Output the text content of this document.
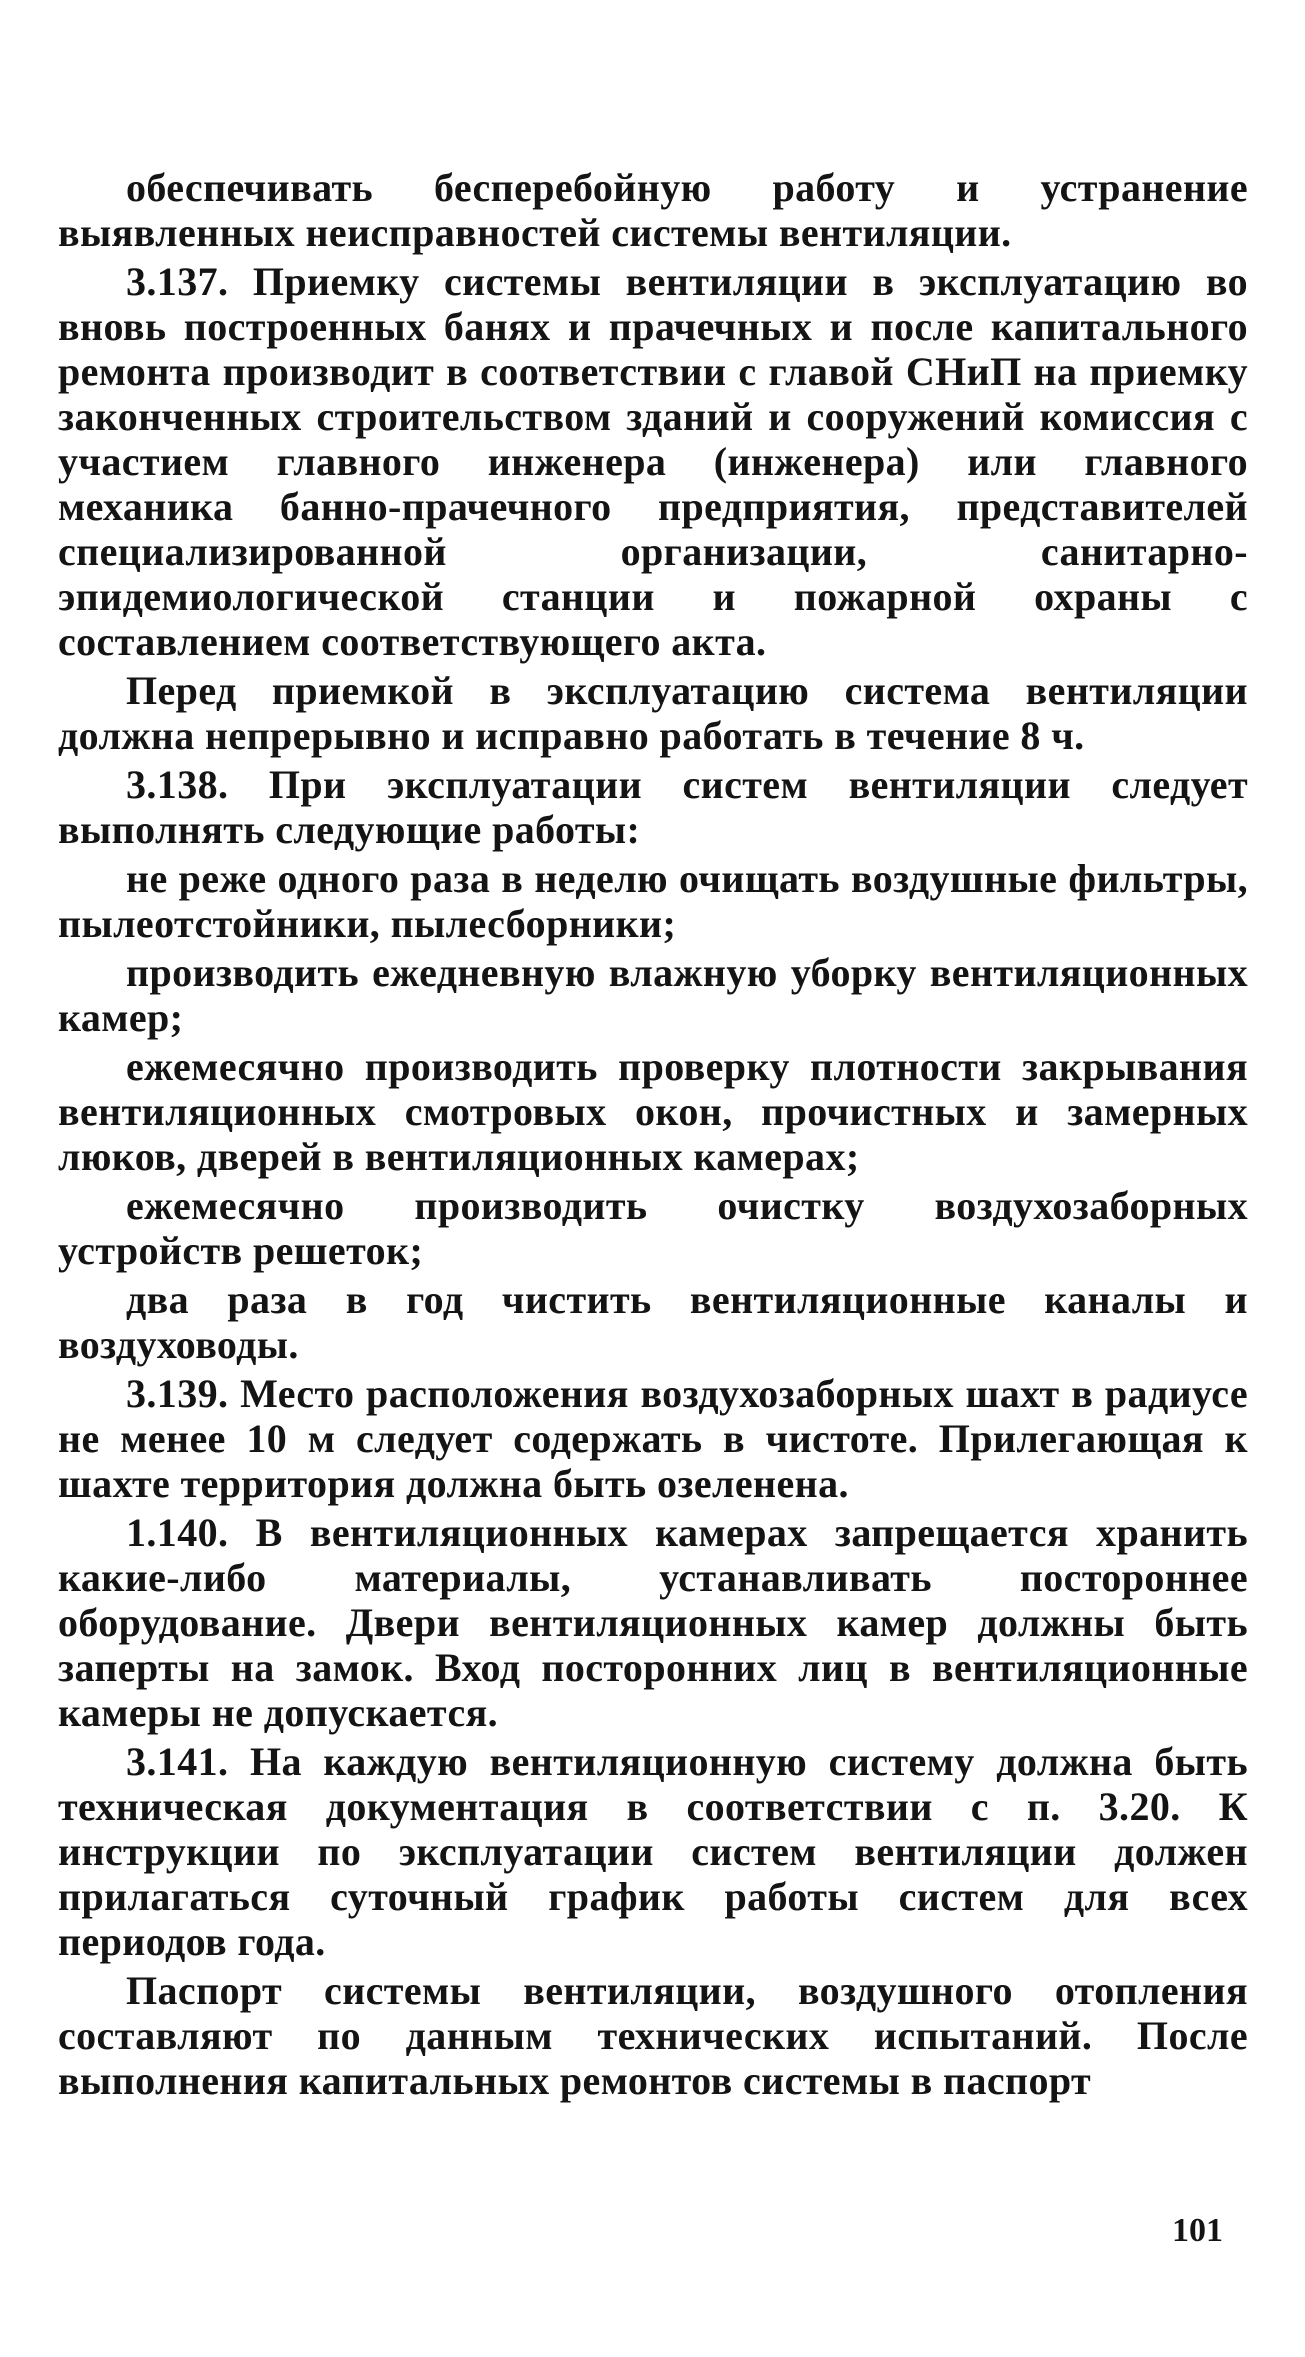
обеспечивать бесперебойную работу и устранение выявленных неисправностей системы вентиляции.

3.137. Приемку системы вентиляции в эксплуатацию во вновь построенных банях и прачечных и после капитального ремонта производит в соответствии с главой СНиП на приемку законченных строительством зданий и сооружений комиссия с участием главного инженера (инженера) или главного механика банно-прачечного предприятия, представителей специализированной организации, санитарно-эпидемиологической станции и пожарной охраны с составлением соответствующего акта.

Перед приемкой в эксплуатацию система вентиляции должна непрерывно и исправно работать в течение 8 ч.

3.138. При эксплуатации систем вентиляции следует выполнять следующие работы:

не реже одного раза в неделю очищать воздушные фильтры, пылеотстойники, пылесборники;

производить ежедневную влажную уборку вентиляционных камер;

ежемесячно производить проверку плотности закрывания вентиляционных смотровых окон, прочистных и замерных люков, дверей в вентиляционных камерах;

ежемесячно производить очистку воздухозаборных устройств решеток;

два раза в год чистить вентиляционные каналы и воздуховоды.

3.139. Место расположения воздухозаборных шахт в радиусе не менее 10 м следует содержать в чистоте. Прилегающая к шахте территория должна быть озеленена.

1.140. В вентиляционных камерах запрещается хранить какие-либо материалы, устанавливать постороннее оборудование. Двери вентиляционных камер должны быть заперты на замок. Вход посторонних лиц в вентиляционные камеры не допускается.

3.141. На каждую вентиляционную систему должна быть техническая документация в соответствии с п. 3.20. К инструкции по эксплуатации систем вентиляции должен прилагаться суточный график работы систем для всех периодов года.

Паспорт системы вентиляции, воздушного отопления составляют по данным технических испытаний. После выполнения капитальных ремонтов системы в паспорт

101
